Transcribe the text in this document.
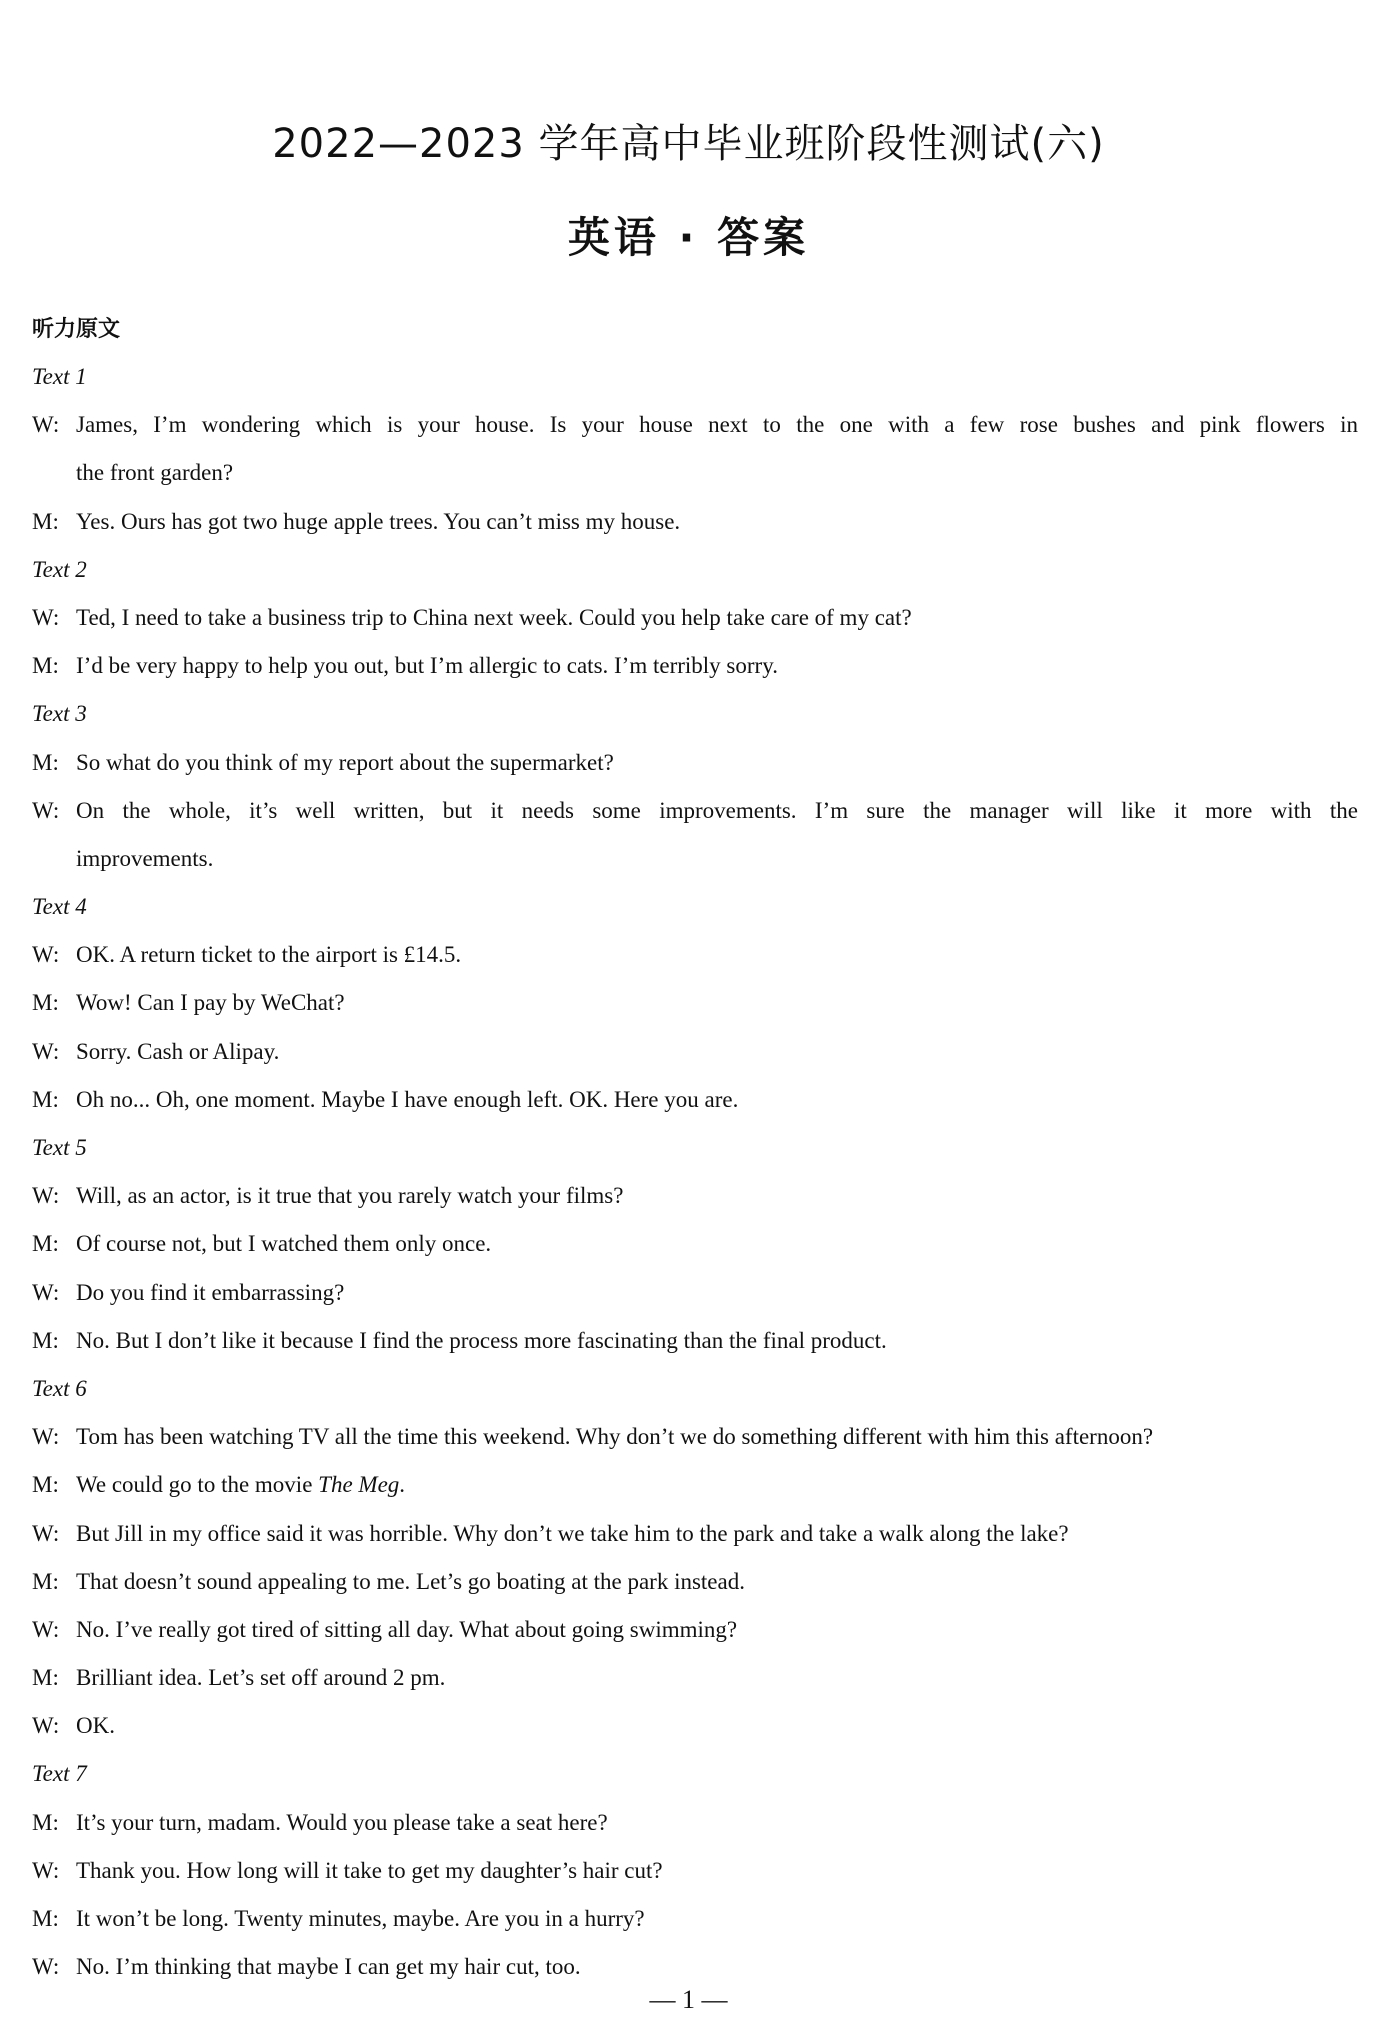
2022—2023 学年高中毕业班阶段性测试(六)
英语 · 答案
听力原文
Text 1
W: James, I’m wondering which is your house. Is your house next to the one with a few rose bushes and pink flowers in
the front garden?
M: Yes. Ours has got two huge apple trees. You can’t miss my house.
Text 2
W: Ted, I need to take a business trip to China next week. Could you help take care of my cat?
M: I’d be very happy to help you out, but I’m allergic to cats. I’m terribly sorry.
Text 3
M: So what do you think of my report about the supermarket?
W: On the whole, it’s well written, but it needs some improvements. I’m sure the manager will like it more with the
improvements.
Text 4
W: OK. A return ticket to the airport is £14.5.
M: Wow! Can I pay by WeChat?
W: Sorry. Cash or Alipay.
M: Oh no... Oh, one moment. Maybe I have enough left. OK. Here you are.
Text 5
W: Will, as an actor, is it true that you rarely watch your films?
M: Of course not, but I watched them only once.
W: Do you find it embarrassing?
M: No. But I don’t like it because I find the process more fascinating than the final product.
Text 6
W: Tom has been watching TV all the time this weekend. Why don’t we do something different with him this afternoon?
M: We could go to the movie The Meg.
W: But Jill in my office said it was horrible. Why don’t we take him to the park and take a walk along the lake?
M: That doesn’t sound appealing to me. Let’s go boating at the park instead.
W: No. I’ve really got tired of sitting all day. What about going swimming?
M: Brilliant idea. Let’s set off around 2 pm.
W: OK.
Text 7
M: It’s your turn, madam. Would you please take a seat here?
W: Thank you. How long will it take to get my daughter’s hair cut?
M: It won’t be long. Twenty minutes, maybe. Are you in a hurry?
W: No. I’m thinking that maybe I can get my hair cut, too.
— 1 —
